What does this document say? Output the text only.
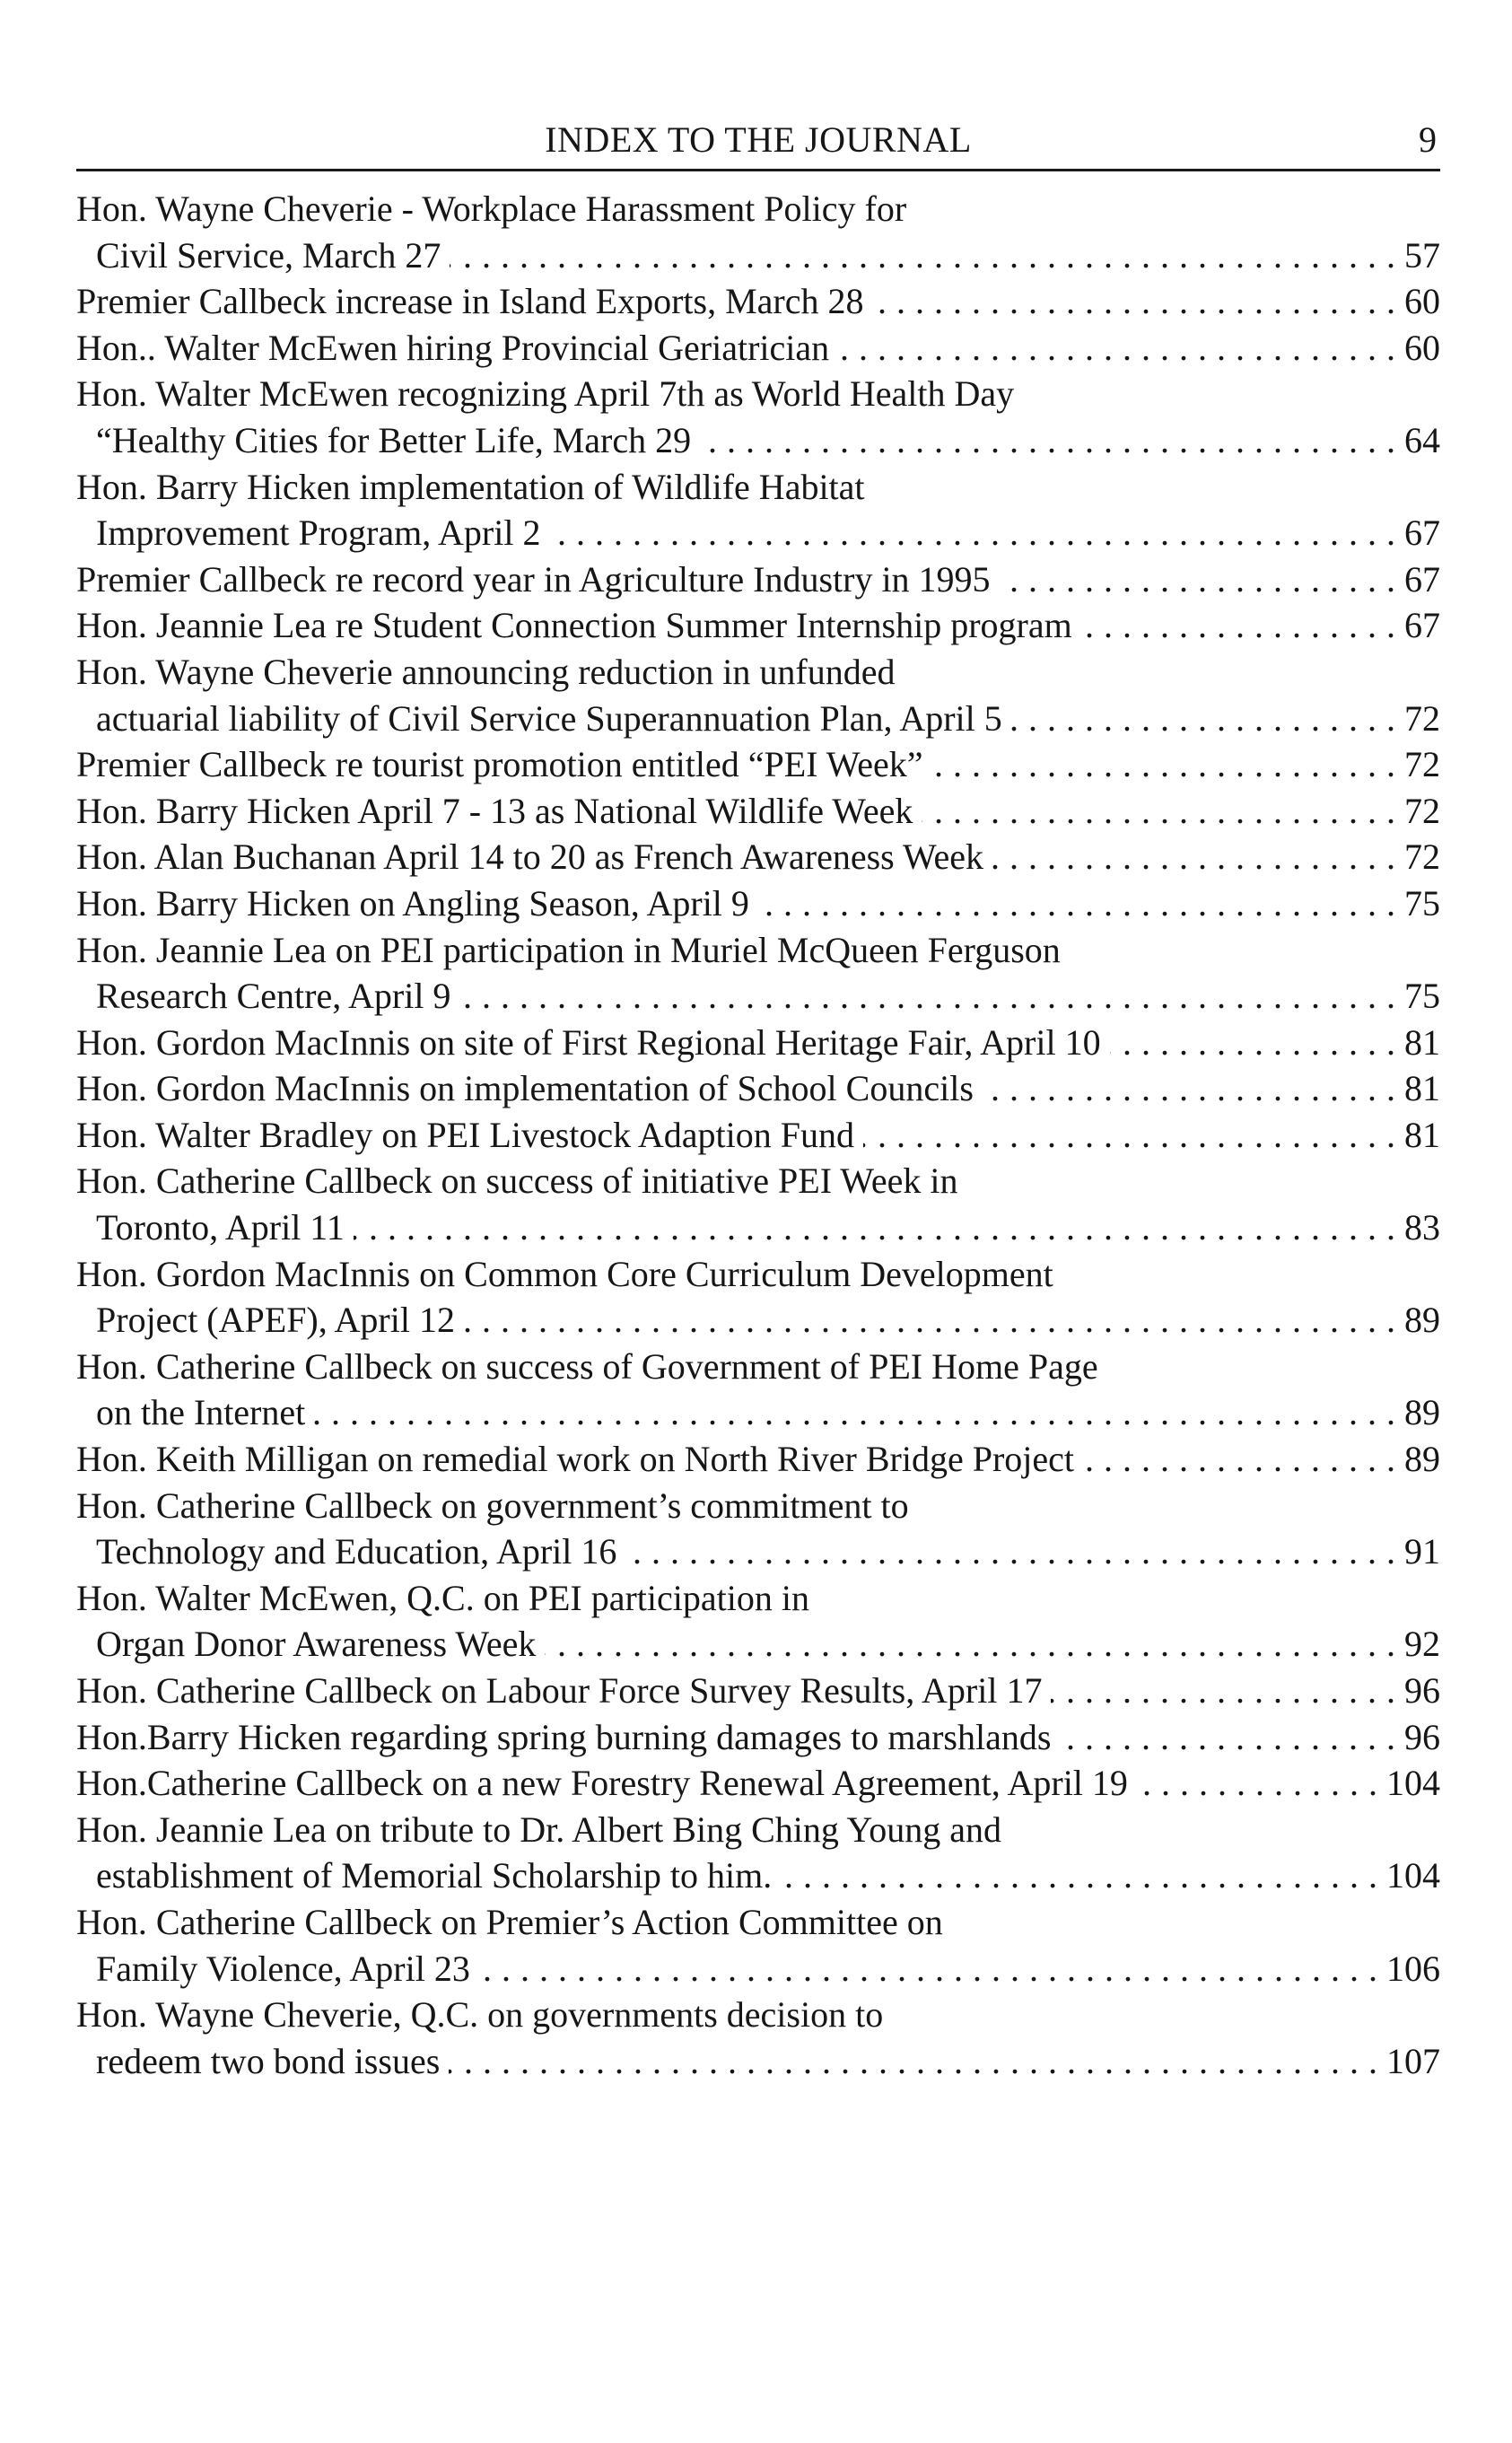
INDEX TO THE JOURNAL	9
Hon. Wayne Cheverie - Workplace Harassment Policy for
Civil Service, March 27 . . .	57
Premier Callbeck increase in Island Exports, March 28 . . .	60
Hon.. Walter McEwen hiring Provincial Geriatrician . . .	60
Hon. Walter McEwen recognizing April 7th as World Health Day
“Healthy Cities for Better Life, March 29 . . .	64
Hon. Barry Hicken implementation of Wildlife Habitat
Improvement Program, April 2 . . .	67
Premier Callbeck re record year in Agriculture Industry in 1995 . . .	67
Hon. Jeannie Lea re Student Connection Summer Internship program . . .	67
Hon. Wayne Cheverie announcing reduction in unfunded
actuarial liability of Civil Service Superannuation Plan, April 5 . . .	72
Premier Callbeck re tourist promotion entitled “PEI Week” . . .	72
Hon. Barry Hicken April 7 - 13 as National Wildlife Week . . .	72
Hon. Alan Buchanan April 14 to 20 as French Awareness Week . . .	72
Hon. Barry Hicken on Angling Season, April 9 . . .	75
Hon. Jeannie Lea on PEI participation in Muriel McQueen Ferguson
Research Centre, April 9 . . .	75
Hon. Gordon MacInnis on site of First Regional Heritage Fair, April 10 . . .	81
Hon. Gordon MacInnis on implementation of School Councils . . .	81
Hon. Walter Bradley on PEI Livestock Adaption Fund . . .	81
Hon. Catherine Callbeck on success of initiative PEI Week in
Toronto, April 11 . . .	83
Hon. Gordon MacInnis on Common Core Curriculum Development
Project (APEF), April 12 . . .	89
Hon. Catherine Callbeck on success of Government of PEI Home Page
on the Internet . . .	89
Hon. Keith Milligan on remedial work on North River Bridge Project . . .	89
Hon. Catherine Callbeck on government’s commitment to
Technology and Education, April 16 . . .	91
Hon. Walter McEwen, Q.C. on PEI participation in
Organ Donor Awareness Week . . .	92
Hon. Catherine Callbeck on Labour Force Survey Results, April 17 . . .	96
Hon.Barry Hicken regarding spring burning damages to marshlands . . .	96
Hon.Catherine Callbeck on a new Forestry Renewal Agreement, April 19 . . .	104
Hon. Jeannie Lea on tribute to Dr. Albert Bing Ching Young and
establishment of Memorial Scholarship to him. . . .	104
Hon. Catherine Callbeck on Premier’s Action Committee on
Family Violence, April 23 . . .	106
Hon. Wayne Cheverie, Q.C. on governments decision to
redeem two bond issues . . .	107
